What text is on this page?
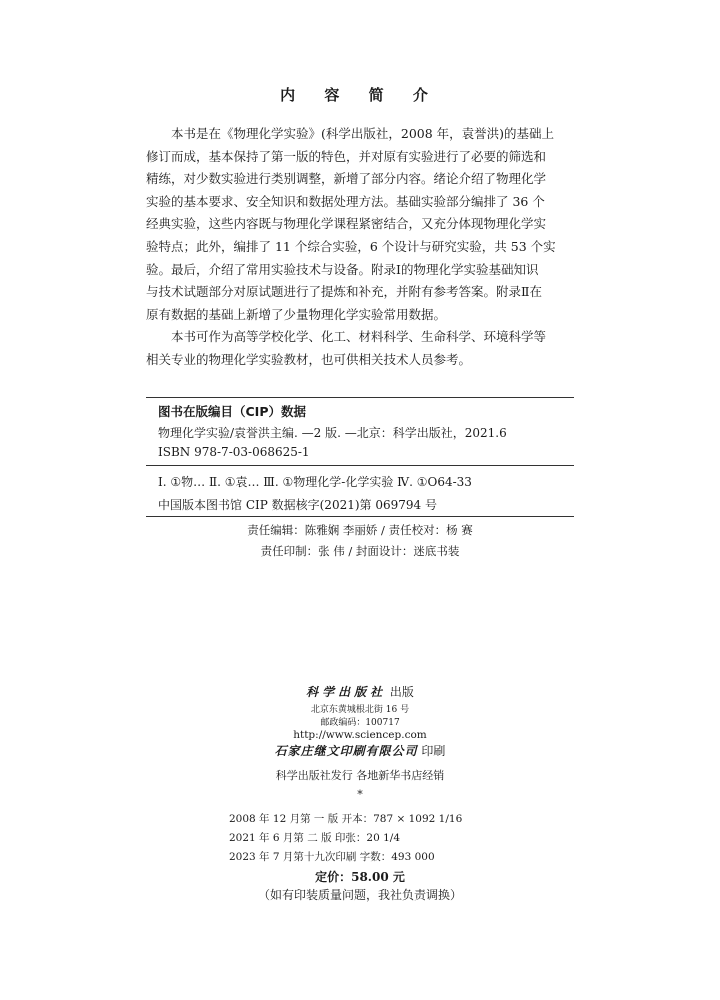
内 容 简 介
本书是在《物理化学实验》(科学出版社，2008 年，袁誉洪)的基础上
修订而成，基本保持了第一版的特色，并对原有实验进行了必要的筛选和
精练，对少数实验进行类别调整，新增了部分内容。绪论介绍了物理化学
实验的基本要求、安全知识和数据处理方法。基础实验部分编排了 36 个
经典实验，这些内容既与物理化学课程紧密结合，又充分体现物理化学实
验特点；此外，编排了 11 个综合实验，6 个设计与研究实验，共 53 个实
验。最后，介绍了常用实验技术与设备。附录Ⅰ的物理化学实验基础知识
与技术试题部分对原试题进行了提炼和补充，并附有参考答案。附录Ⅱ在
原有数据的基础上新增了少量物理化学实验常用数据。
本书可作为高等学校化学、化工、材料科学、生命科学、环境科学等
相关专业的物理化学实验教材，也可供相关技术人员参考。
图书在版编目（CIP）数据
物理化学实验/袁誉洪主编. —2 版. —北京：科学出版社，2021.6
ISBN 978-7-03-068625-1
Ⅰ. ①物… Ⅱ. ①袁… Ⅲ. ①物理化学-化学实验 Ⅳ. ①O64-33
中国版本图书馆 CIP 数据核字(2021)第 069794 号
责任编辑：陈雅娴 李丽娇 / 责任校对：杨 赛
责任印制：张 伟 / 封面设计：迷底书装
科学出版社 出版
北京东黄城根北街 16 号
邮政编码：100717
http://www.sciencep.com
石家庄继文印刷有限公司 印刷
科学出版社发行 各地新华书店经销
*
2008 年 12 月第 一 版 开本：787 × 1092 1/16
2021 年 6 月第 二 版 印张：20 1/4
2023 年 7 月第十九次印刷 字数：493 000
定价：58.00 元
（如有印装质量问题，我社负责调换）
